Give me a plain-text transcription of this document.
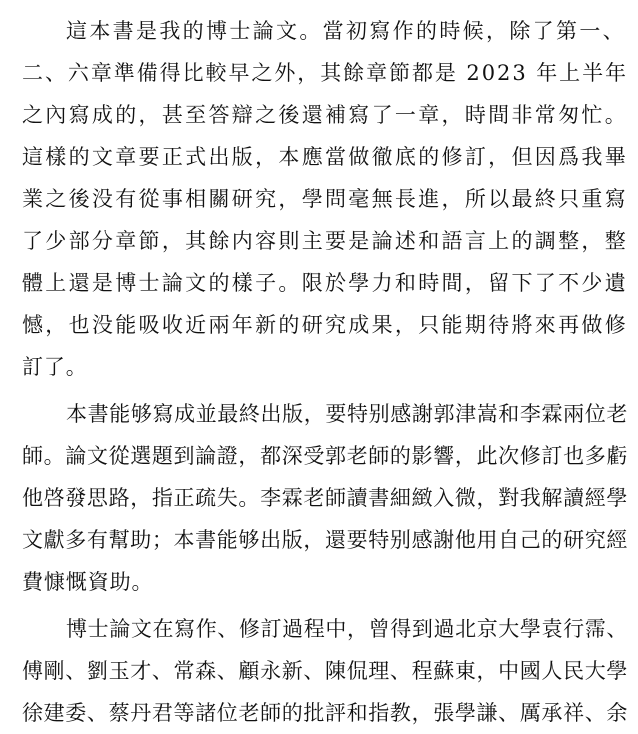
這本書是我的博士論文。當初寫作的時候，除了第一、
二、六章準備得比較早之外，其餘章節都是 2023 年上半年
之內寫成的，甚至答辯之後還補寫了一章，時間非常匆忙。
這樣的文章要正式出版，本應當做徹底的修訂，但因爲我畢
業之後没有從事相關研究，學問毫無長進，所以最終只重寫
了少部分章節，其餘内容則主要是論述和語言上的調整，整
體上還是博士論文的樣子。限於學力和時間，留下了不少遺
憾，也没能吸收近兩年新的研究成果，只能期待將來再做修
訂了。
本書能够寫成並最終出版，要特别感謝郭津嵩和李霖兩位老
師。論文從選題到論證，都深受郭老師的影響，此次修訂也多虧
他啓發思路，指正疏失。李霖老師讀書細緻入微，對我解讀經學
文獻多有幫助；本書能够出版，還要特别感謝他用自己的研究經
費慷慨資助。
博士論文在寫作、修訂過程中，曾得到過北京大學袁行霈、
傅剛、劉玉才、常森、顧永新、陳侃理、程蘇東，中國人民大學
徐建委、蔡丹君等諸位老師的批評和指教，張學謙、厲承祥、余
